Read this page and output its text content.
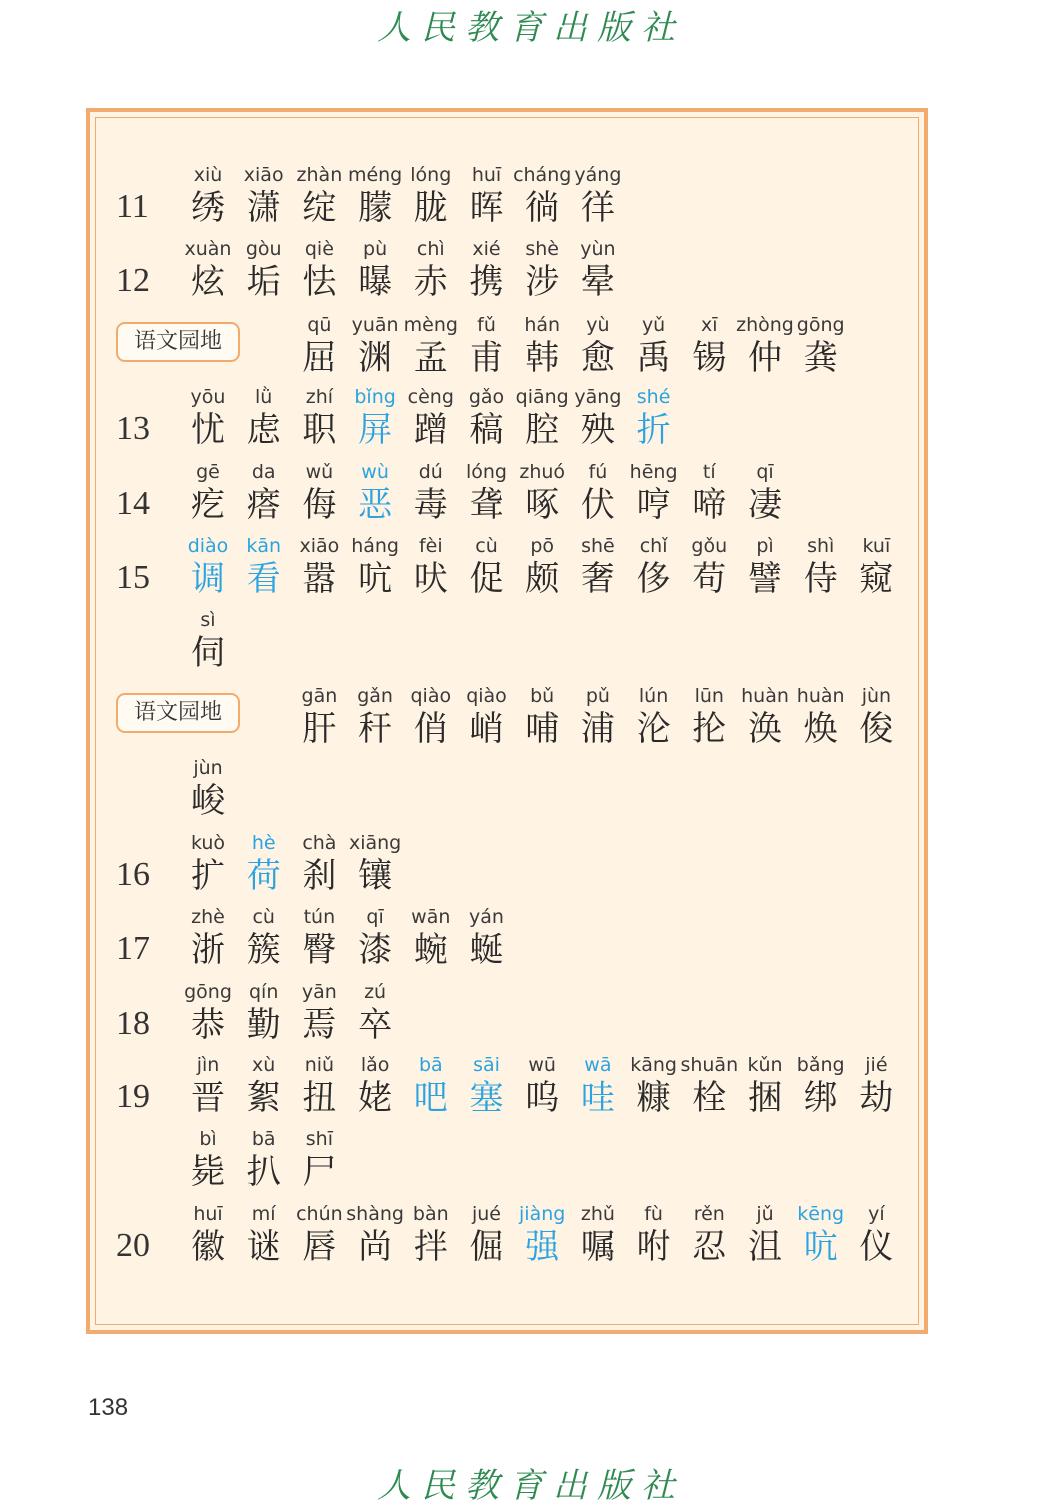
人民教育出版社
11
xiù
绣
xiāo
潇
zhàn
绽
méng
朦
lóng
胧
huī
晖
cháng
徜
yáng
徉
12
xuàn
炫
gòu
垢
qiè
怯
pù
曝
chì
赤
xié
携
shè
涉
yùn
晕
语文园地
qū
屈
yuān
渊
mèng
孟
fǔ
甫
hán
韩
yù
愈
yǔ
禹
xī
锡
zhòng
仲
gōng
龚
13
yōu
忧
lǜ
虑
zhí
职
bǐng
屏
cèng
蹭
gǎo
稿
qiāng
腔
yāng
殃
shé
折
14
gē
疙
da
瘩
wǔ
侮
wù
恶
dú
毒
lóng
聋
zhuó
啄
fú
伏
hēng
哼
tí
啼
qī
凄
15
diào
调
kān
看
xiāo
嚣
háng
吭
fèi
吠
cù
促
pō
颇
shē
奢
chǐ
侈
gǒu
苟
pì
譬
shì
侍
kuī
窥
sì
伺
语文园地
gān
肝
gǎn
秆
qiào
俏
qiào
峭
bǔ
哺
pǔ
浦
lún
沦
lūn
抡
huàn
涣
huàn
焕
jùn
俊
jùn
峻
16
kuò
扩
hè
荷
chà
刹
xiāng
镶
17
zhè
浙
cù
簇
tún
臀
qī
漆
wān
蜿
yán
蜒
18
gōng
恭
qín
勤
yān
焉
zú
卒
19
jìn
晋
xù
絮
niǔ
扭
lǎo
姥
bā
吧
sāi
塞
wū
呜
wā
哇
kāng
糠
shuān
栓
kǔn
捆
bǎng
绑
jié
劫
bì
毙
bā
扒
shī
尸
20
huī
徽
mí
谜
chún
唇
shàng
尚
bàn
拌
jué
倔
jiàng
强
zhǔ
嘱
fù
咐
rěn
忍
jǔ
沮
kēng
吭
yí
仪
138
人民教育出版社
